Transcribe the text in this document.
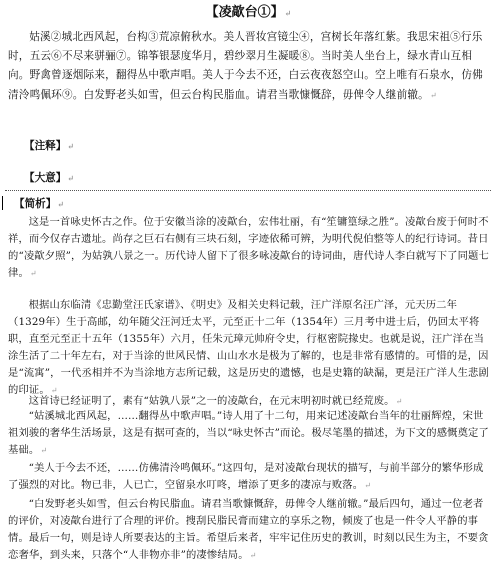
【凌歊台①】↵

姑溪②城北西风起，台构③荒凉俯秋水。美人晋妆宫镜尘④，宫树长年落红紫。我思宋祖⑤行乐时，五云⑥不尽来骈骊⑦。锦筝银瑟度华月，碧纱翠月生凝暖⑧。当时美人坐台上，绿水青山互相向。野禽曾逐烟际来，翻得丛中歌声唱。美人于今去不还，白云夜夜怒空山。空上唯有石泉水，仿佛清泠鸣佩环⑨。白发野老头如雪，但云台构民脂血。请君当歌慷慨辞，毋俾令人继前辙。↵

【注释】↵
【大意】↵
【简析】↵

这是一首咏史怀古之作。位于安徽当涂的凌歊台，宏伟壮丽，有“笙镛篁绿之胜”。凌歊台废于何时不祥，而今仅存古遗址。尚存之巨石右侧有三块石刻，字迹依稀可辨，为明代倪伯整等人的纪行诗词。昔日的“凌歊夕照”，为姑孰八景之一。历代诗人留下了很多咏凌歊台的诗词曲，唐代诗人李白就写下了同题七律。↵

根据山东临清《忠勤堂汪氏家谱》、《明史》及相关史料记载，汪广洋原名汪广泽，元天历二年（1329年）生于高邮，幼年随父汪河迁太平，元至正十二年（1354年）三月考中进士后，仍回太平将职，直至元至正十五年（1355年）六月，任朱元璋元帅府令史，行枢密院掾史。也就是说，汪广洋在当涂生活了二十年左右，对于当涂的世风民情、山山水水是极为了解的，也是非常有感情的。可惜的是，因是“流寓”，一代丞相并不为当涂地方志所记载，这是历史的遗憾，也是史籍的缺漏，更是汪广洋人生悲剧的印证。↵

这首诗已经证明了，素有“姑孰八景”之一的凌歊台，在元末明初时就已经荒废。↵

“姑溪城北西风起，……翻得丛中歌声唱。”诗人用了十二句，用来记述凌歊台当年的壮丽辉煌，宋世祖刘骏的奢华生活场景，这是有据可查的，当以“咏史怀古”而论。极尽笔墨的描述，为下文的感慨奠定了基础。↵

“美人于今去不还，……仿佛清泠鸣佩环。”这四句，是对凌歊台现状的描写，与前半部分的繁华形成了强烈的对比。物已非，人已亡，空留泉水叮咚，增添了更多的凄凉与败落。↵

“白发野老头如雪，但云台构民脂血。请君当歌慷慨辞，毋俾令人继前辙。”最后四句，通过一位老者的评价，对凌歊台进行了合理的评价。搜刮民脂民膏而建立的享乐之物，倾废了也是一件令人平静的事情。最后一句，则是诗人所要表达的主旨。希望后来者，牢牢记住历史的教训，时刻以民生为主，不要贪恋奢华，到头来，只落个“人非物亦非”的凄惨结局。↵
